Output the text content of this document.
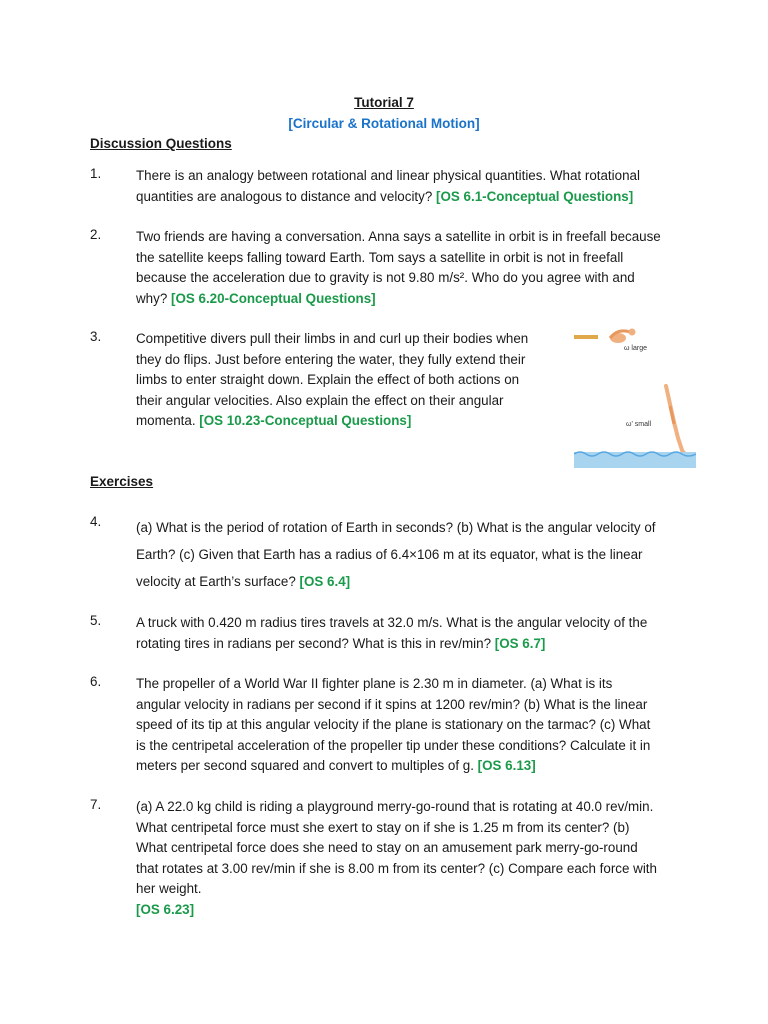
Tutorial 7
[Circular & Rotational Motion]
Discussion Questions
1.	There is an analogy between rotational and linear physical quantities. What rotational
quantities are analogous to distance and velocity? [OS 6.1-Conceptual Questions]
2.	Two friends are having a conversation. Anna says a satellite in orbit is in freefall because
the satellite keeps falling toward Earth. Tom says a satellite in orbit is not in freefall
because the acceleration due to gravity is not 9.80 m/s². Who do you agree with and
why? [OS 6.20-Conceptual Questions]
3.	Competitive divers pull their limbs in and curl up their bodies when
they do flips. Just before entering the water, they fully extend their
limbs to enter straight down. Explain the effect of both actions on
their angular velocities. Also explain the effect on their angular
momenta. [OS 10.23-Conceptual Questions]
ω large
ω' small
Exercises
4.	(a) What is the period of rotation of Earth in seconds? (b) What is the angular velocity of
Earth? (c) Given that Earth has a radius of 6.4×106 m at its equator, what is the linear
velocity at Earth’s surface? [OS 6.4]
5.	A truck with 0.420 m radius tires travels at 32.0 m/s. What is the angular velocity of the
rotating tires in radians per second? What is this in rev/min? [OS 6.7]
6.	The propeller of a World War II fighter plane is 2.30 m in diameter. (a) What is its
angular velocity in radians per second if it spins at 1200 rev/min? (b) What is the linear
speed of its tip at this angular velocity if the plane is stationary on the tarmac? (c) What
is the centripetal acceleration of the propeller tip under these conditions? Calculate it in
meters per second squared and convert to multiples of g. [OS 6.13]
7.	(a) A 22.0 kg child is riding a playground merry-go-round that is rotating at 40.0 rev/min.
What centripetal force must she exert to stay on if she is 1.25 m from its center? (b)
What centripetal force does she need to stay on an amusement park merry-go-round
that rotates at 3.00 rev/min if she is 8.00 m from its center? (c) Compare each force with
her weight.
[OS 6.23]
